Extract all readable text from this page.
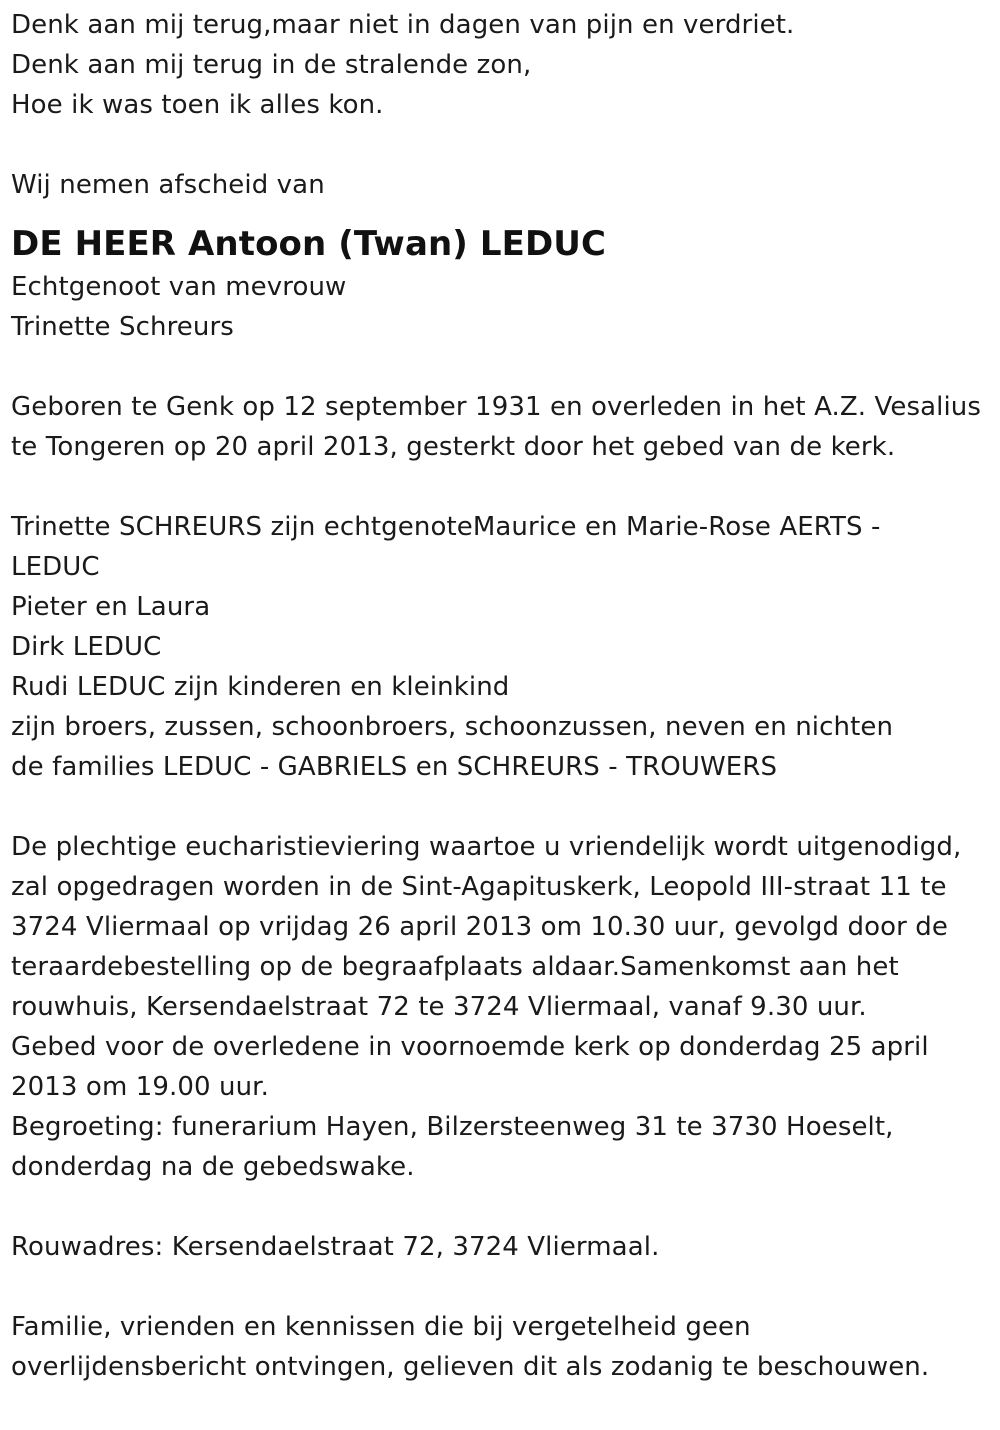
Denk aan mij terug,maar niet in dagen van pijn en verdriet.
Denk aan mij terug in de stralende zon,
Hoe ik was toen ik alles kon.
Wij nemen afscheid van
DE HEER Antoon (Twan) LEDUC
Echtgenoot van mevrouw
Trinette Schreurs
Geboren te Genk op 12 september 1931 en overleden in het A.Z. Vesalius
te Tongeren op 20 april 2013, gesterkt door het gebed van de kerk.
Trinette SCHREURS zijn echtgenoteMaurice en Marie-Rose AERTS -
LEDUC
Pieter en Laura
Dirk LEDUC
Rudi LEDUC zijn kinderen en kleinkind
zijn broers, zussen, schoonbroers, schoonzussen, neven en nichten
de families LEDUC - GABRIELS en SCHREURS - TROUWERS
De plechtige eucharistieviering waartoe u vriendelijk wordt uitgenodigd,
zal opgedragen worden in de Sint-Agapituskerk, Leopold III-straat 11 te
3724 Vliermaal op vrijdag 26 april 2013 om 10.30 uur, gevolgd door de
teraardebestelling op de begraafplaats aldaar.Samenkomst aan het
rouwhuis, Kersendaelstraat 72 te 3724 Vliermaal, vanaf 9.30 uur.
Gebed voor de overledene in voornoemde kerk op donderdag 25 april
2013 om 19.00 uur.
Begroeting: funerarium Hayen, Bilzersteenweg 31 te 3730 Hoeselt,
donderdag na de gebedswake.
Rouwadres: Kersendaelstraat 72, 3724 Vliermaal.
Familie, vrienden en kennissen die bij vergetelheid geen
overlijdensbericht ontvingen, gelieven dit als zodanig te beschouwen.
